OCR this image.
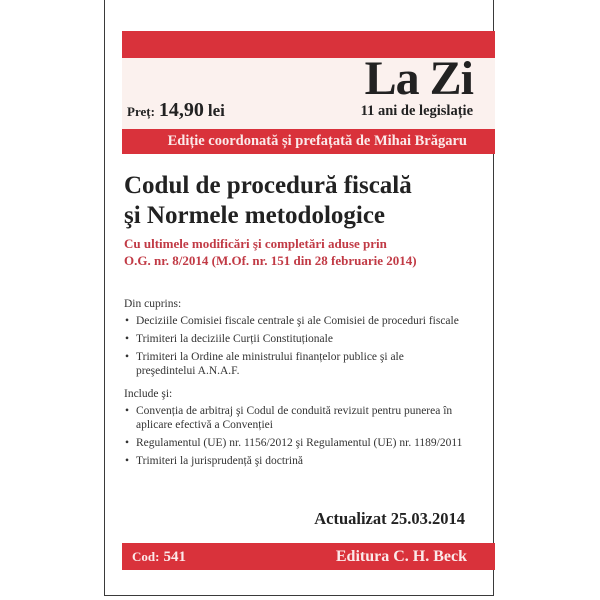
Preț: 14,90 lei
La Zi
11 ani de legislație
Ediție coordonată și prefațată de Mihai Brăgaru
Codul de procedură fiscală
şi Normele metodologice
Cu ultimele modificări şi completări aduse prin
O.G. nr. 8/2014 (M.Of. nr. 151 din 28 februarie 2014)
Din cuprins:
• Deciziile Comisiei fiscale centrale şi ale Comisiei de proceduri fiscale
• Trimiteri la deciziile Curții Constituționale
• Trimiteri la Ordine ale ministrului finanțelor publice şi ale preşedintelui A.N.A.F.
Include şi:
• Convenția de arbitraj şi Codul de conduită revizuit pentru punerea în aplicare efectivă a Convenției
• Regulamentul (UE) nr. 1156/2012 şi Regulamentul (UE) nr. 1189/2011
• Trimiteri la jurisprudență şi doctrină
Actualizat 25.03.2014
Cod: 541	Editura C. H. Beck
